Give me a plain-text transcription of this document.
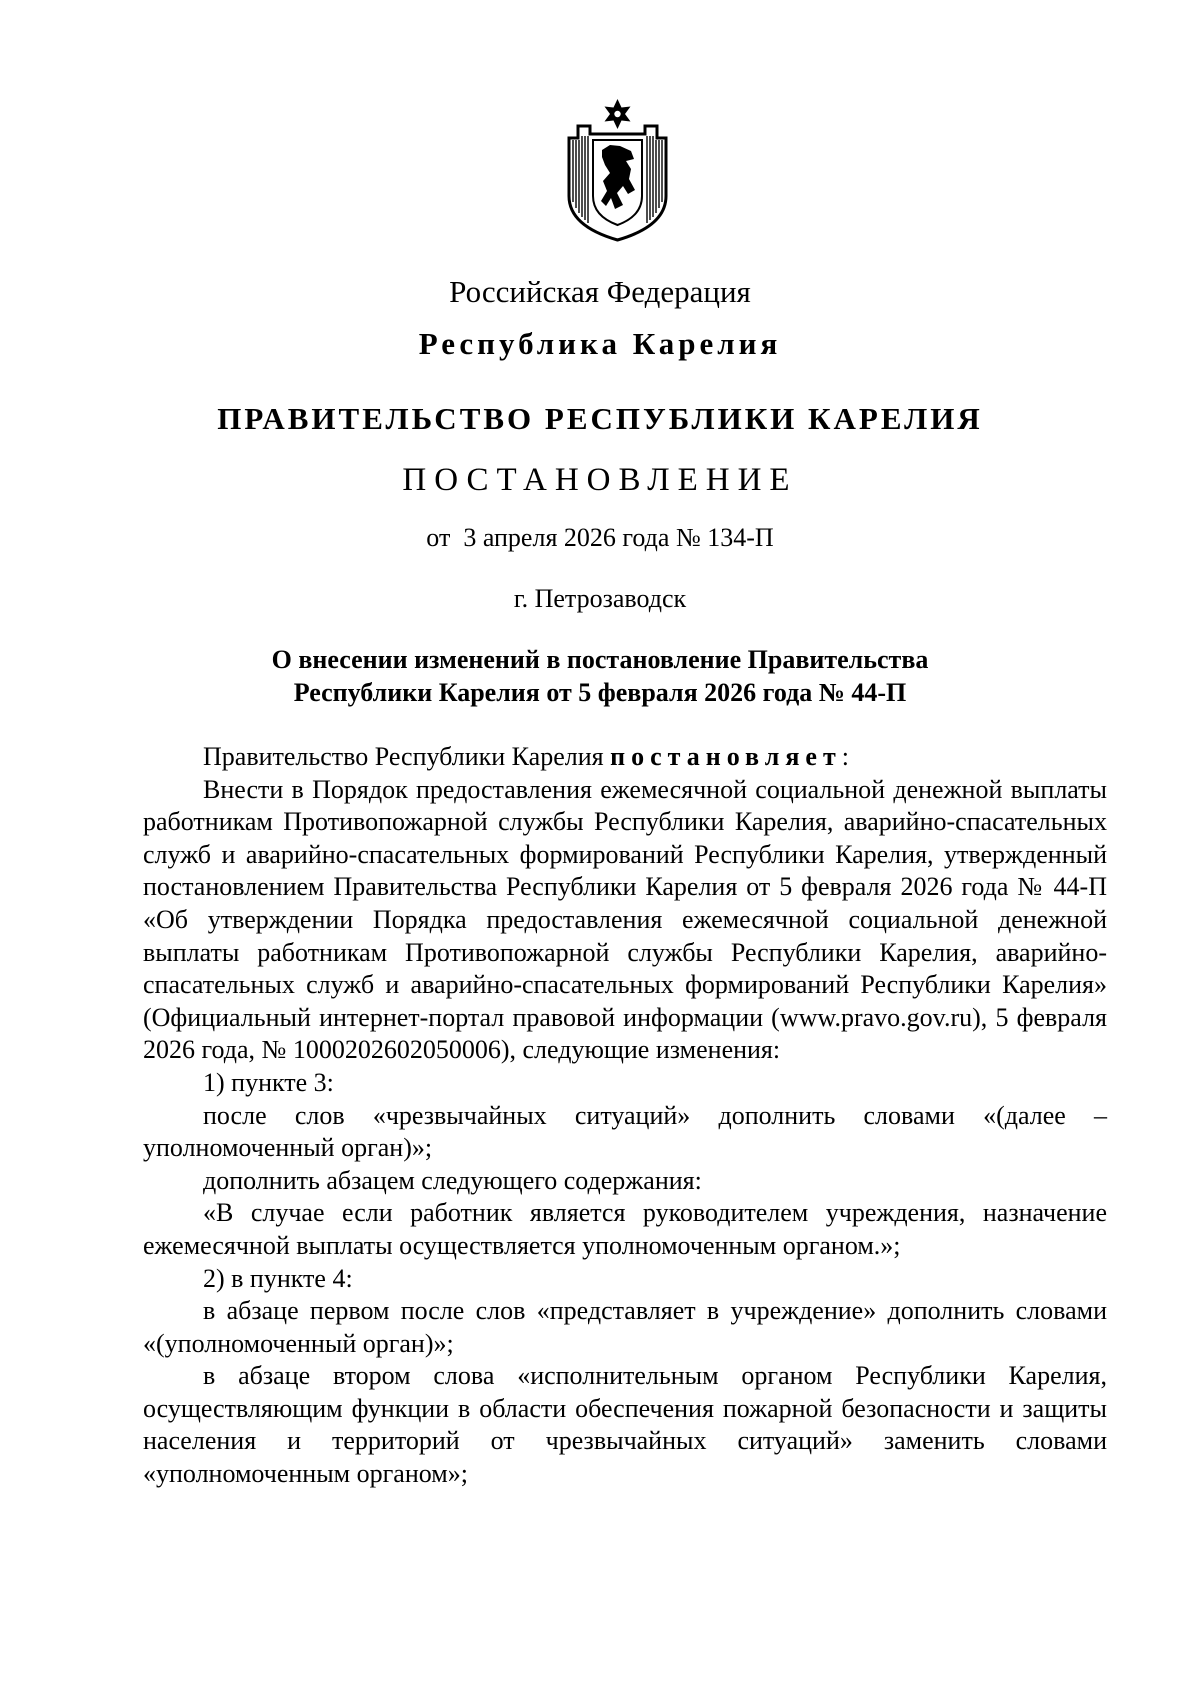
Российская Федерация
Республика Карелия
ПРАВИТЕЛЬСТВО РЕСПУБЛИКИ КАРЕЛИЯ
ПОСТАНОВЛЕНИЕ
от  3 апреля 2026 года № 134-П
г. Петрозаводск
О внесении изменений в постановление Правительства
Республики Карелия от 5 февраля 2026 года № 44-П

Правительство Республики Карелия постановляет:

Внести в Порядок предоставления ежемесячной социальной денежной выплаты работникам Противопожарной службы Республики Карелия, аварийно-спасательных служб и аварийно-спасательных формирований Республики Карелия, утвержденный постановлением Правительства Республики Карелия от 5 февраля 2026 года № 44-П «Об утверждении Порядка предоставления ежемесячной социальной денежной выплаты работникам Противопожарной службы Республики Карелия, аварийно-спасательных служб и аварийно-спасательных формирований Республики Карелия» (Официальный интернет-портал правовой информации (www.pravo.gov.ru), 5 февраля 2026 года, № 1000202602050006), следующие изменения:

1) пункте 3:

после слов «чрезвычайных ситуаций» дополнить словами «(далее – уполномоченный орган)»;

дополнить абзацем следующего содержания:

«В случае если работник является руководителем учреждения, назначение ежемесячной выплаты осуществляется уполномоченным органом.»;

2) в пункте 4:

в абзаце первом после слов «представляет в учреждение» дополнить словами «(уполномоченный орган)»;

в абзаце втором слова «исполнительным органом Республики Карелия, осуществляющим функции в области обеспечения пожарной безопасности и защиты населения и территорий от чрезвычайных ситуаций» заменить словами «уполномоченным органом»;
